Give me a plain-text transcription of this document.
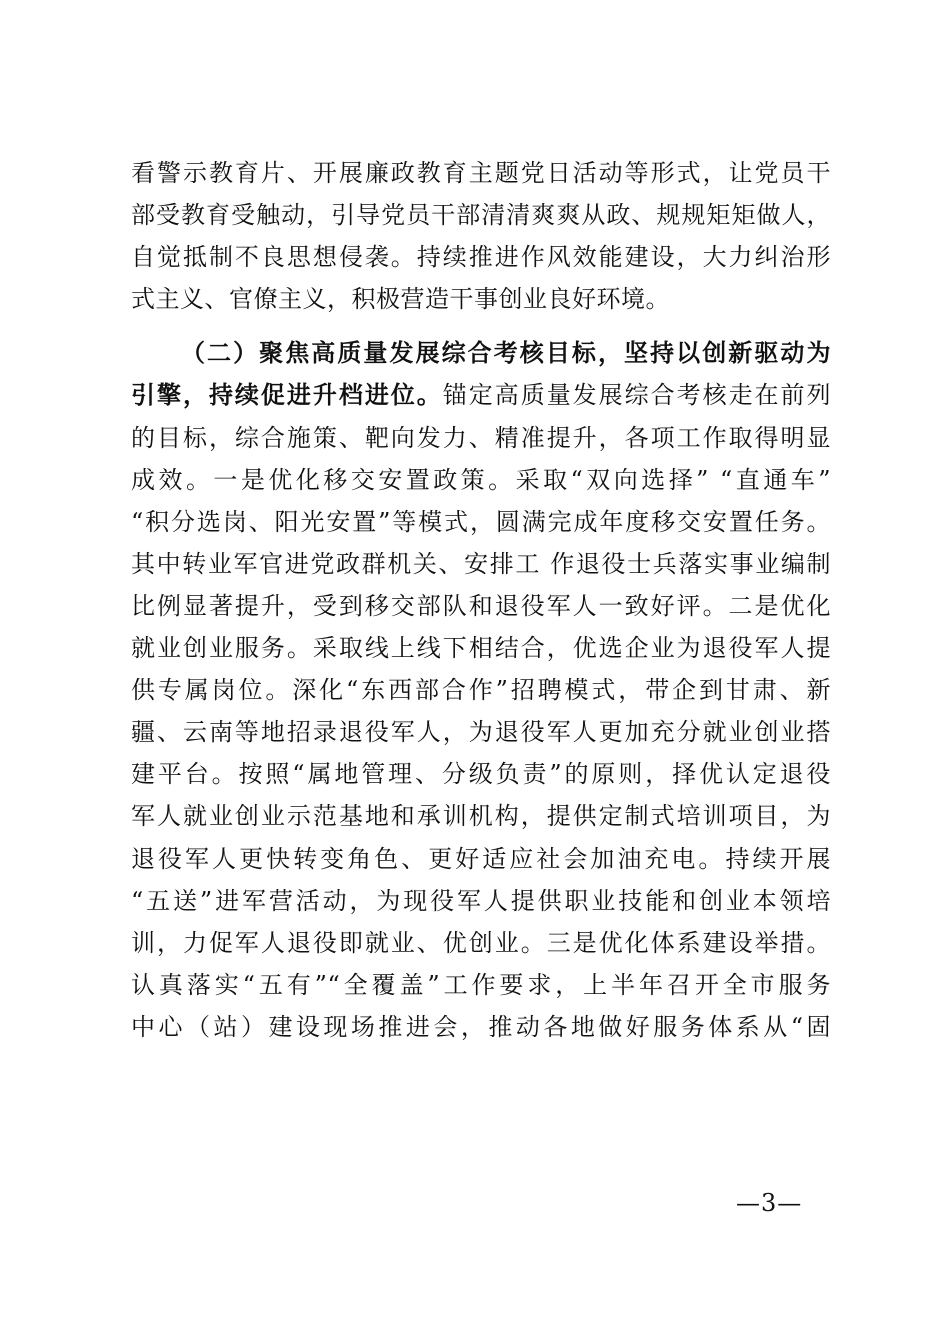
看警示教育片、开展廉政教育主题党日活动等形式，让党员干
部受教育受触动，引导党员干部清清爽爽从政、规规矩矩做人，
自觉抵制不良思想侵袭。持续推进作风效能建设，大力纠治形
式主义、官僚主义，积极营造干事创业良好环境。
（二）聚焦高质量发展综合考核目标，坚持以创新驱动为
引擎，持续促进升档进位。锚定高质量发展综合考核走在前列
的目标，综合施策、靶向发力、精准提升，各项工作取得明显
成效。一是优化移交安置政策。采取“双向选择” “直通车”
“积分选岗、阳光安置”等模式，圆满完成年度移交安置任务。
其中转业军官进党政群机关、安排工 作退役士兵落实事业编制
比例显著提升，受到移交部队和退役军人一致好评。二是优化
就业创业服务。采取线上线下相结合，优选企业为退役军人提
供专属岗位。深化“东西部合作”招聘模式，带企到甘肃、新
疆、云南等地招录退役军人，为退役军人更加充分就业创业搭
建平台。按照“属地管理、分级负责”的原则，择优认定退役
军人就业创业示范基地和承训机构，提供定制式培训项目，为
退役军人更快转变角色、更好适应社会加油充电。持续开展
“五送”进军营活动，为现役军人提供职业技能和创业本领培
训，力促军人退役即就业、优创业。三是优化体系建设举措。
认真落实“五有”“全覆盖”工作要求，上半年召开全市服务
中心（站）建设现场推进会，推动各地做好服务体系从“固
—3—
